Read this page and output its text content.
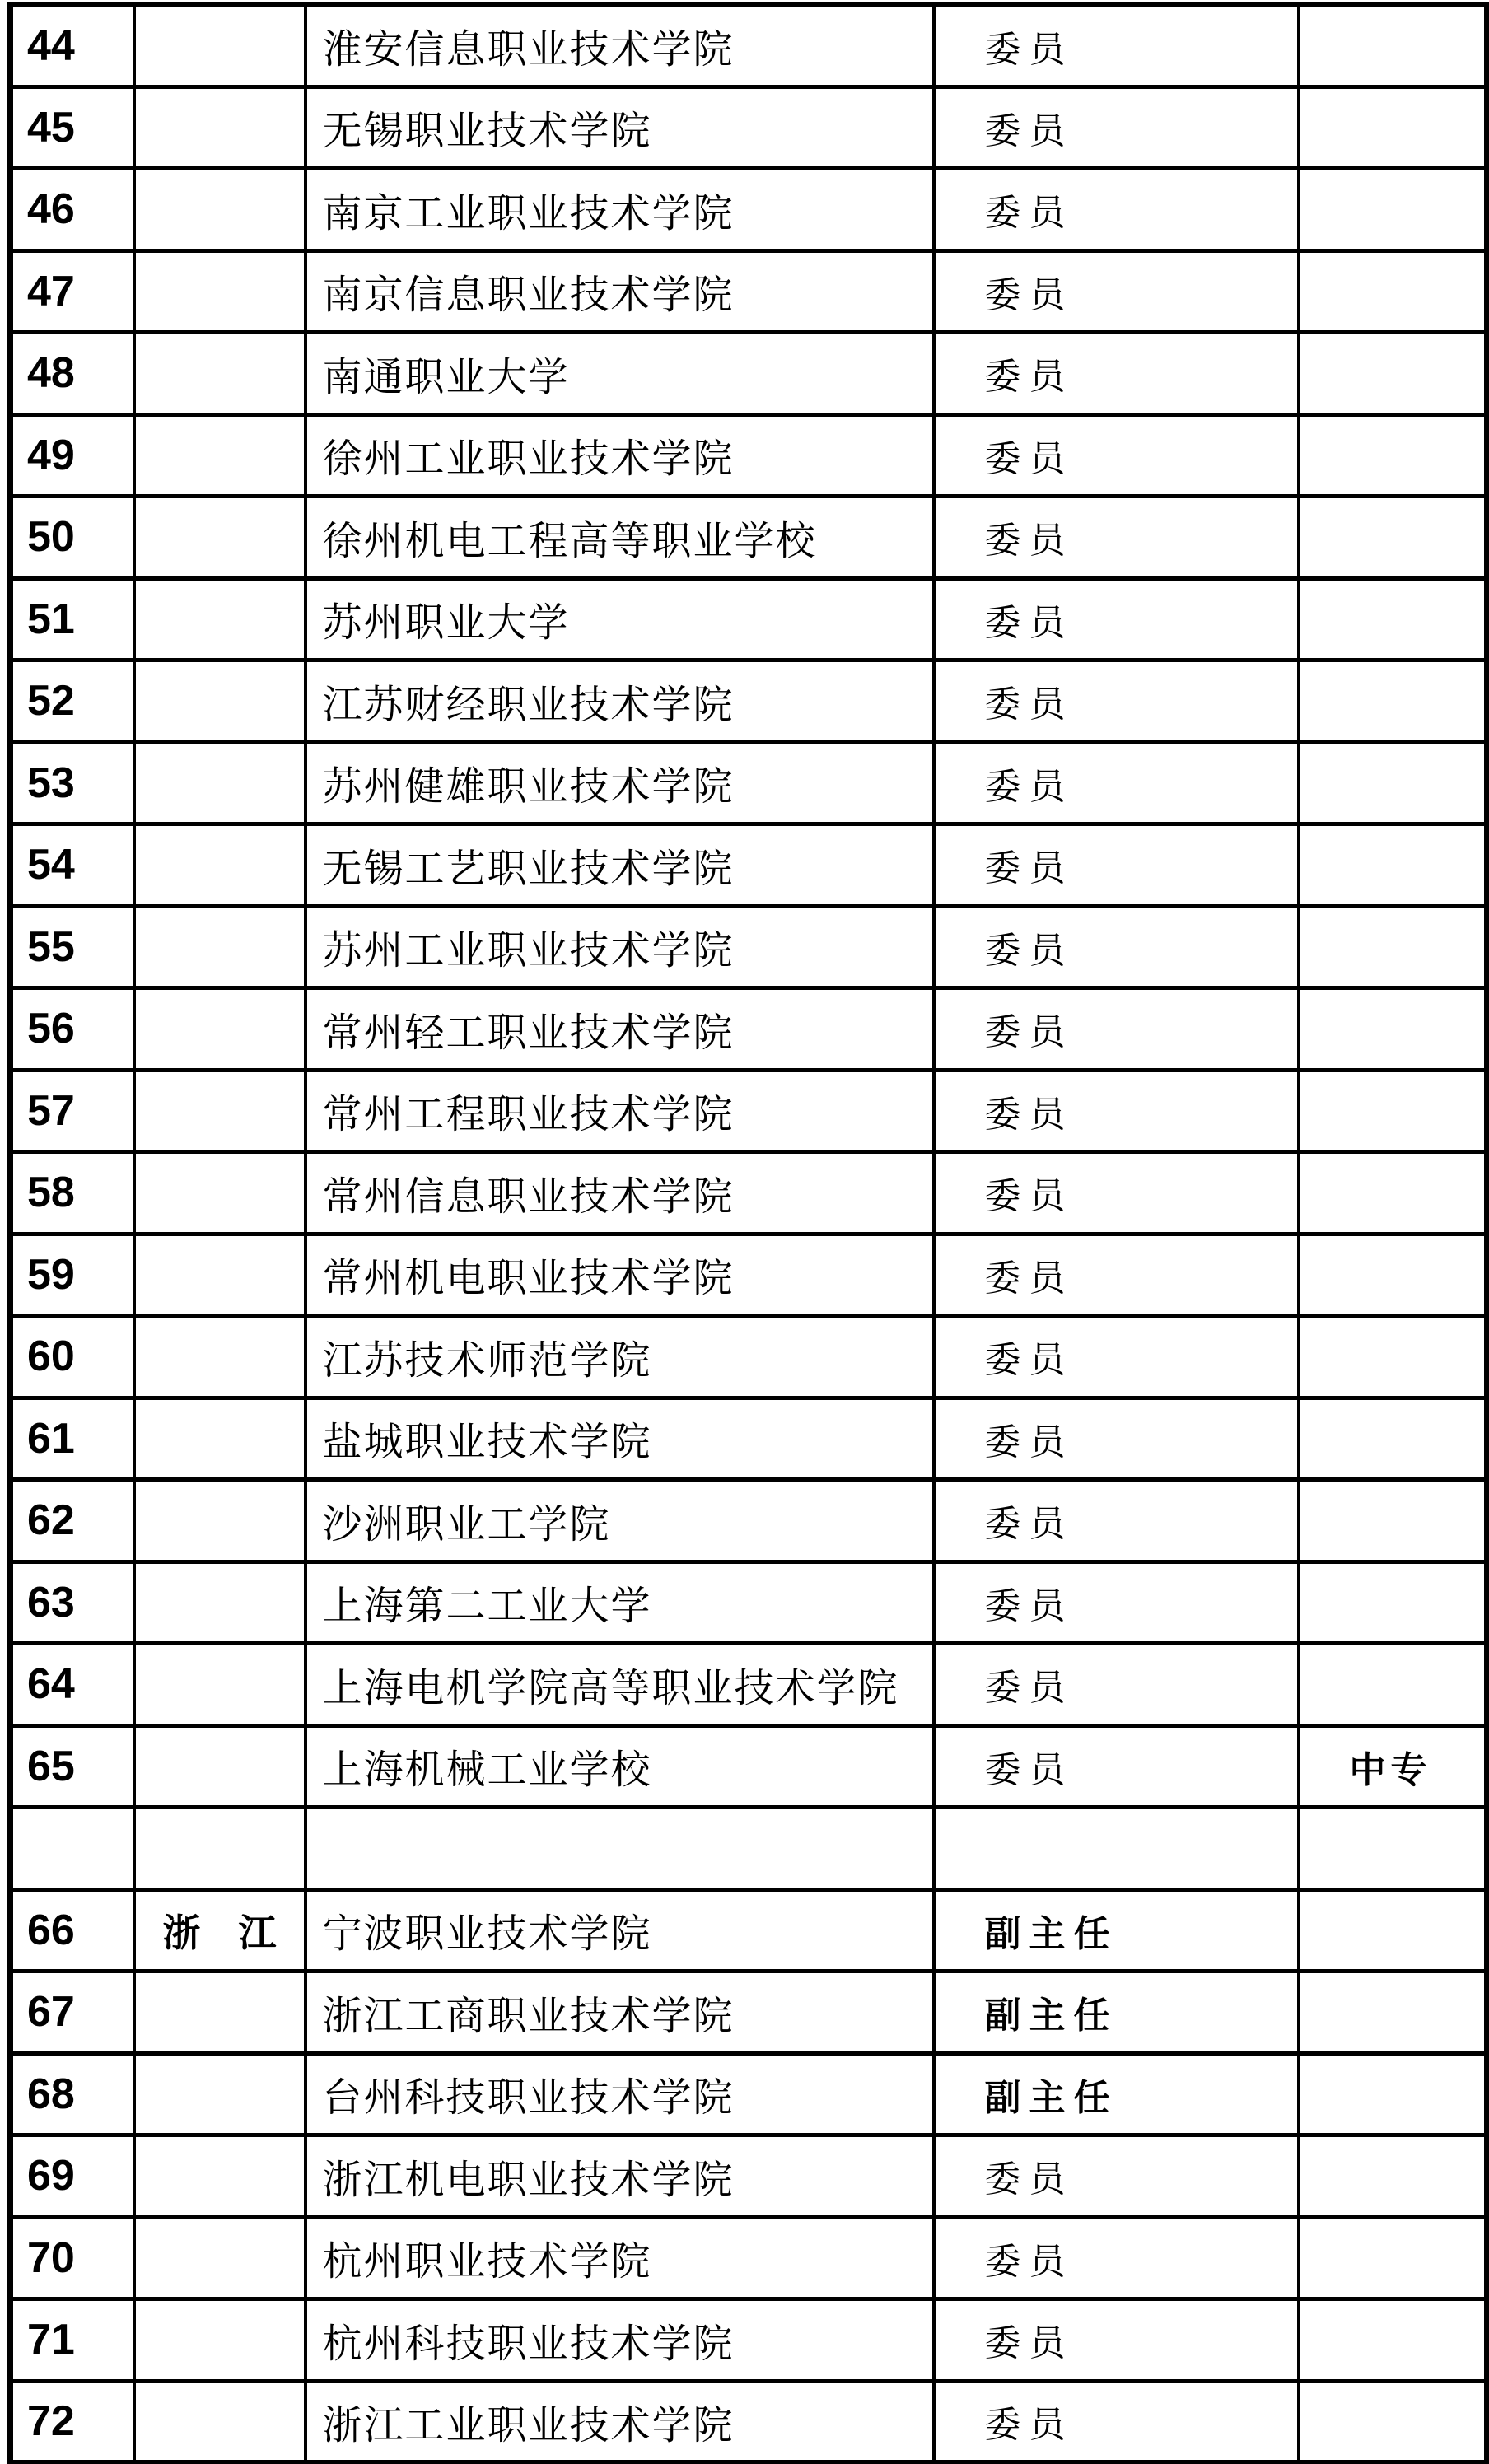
44		淮安信息职业技术学院	委员	
45		无锡职业技术学院	委员	
46		南京工业职业技术学院	委员	
47		南京信息职业技术学院	委员	
48		南通职业大学	委员	
49		徐州工业职业技术学院	委员	
50		徐州机电工程高等职业学校	委员	
51		苏州职业大学	委员	
52		江苏财经职业技术学院	委员	
53		苏州健雄职业技术学院	委员	
54		无锡工艺职业技术学院	委员	
55		苏州工业职业技术学院	委员	
56		常州轻工职业技术学院	委员	
57		常州工程职业技术学院	委员	
58		常州信息职业技术学院	委员	
59		常州机电职业技术学院	委员	
60		江苏技术师范学院	委员	
61		盐城职业技术学院	委员	
62		沙洲职业工学院	委员	
63		上海第二工业大学	委员	
64		上海电机学院高等职业技术学院	委员	
65		上海机械工业学校	委员	中专

66	浙　江	宁波职业技术学院	副主任	
67		浙江工商职业技术学院	副主任	
68		台州科技职业技术学院	副主任	
69		浙江机电职业技术学院	委员	
70		杭州职业技术学院	委员	
71		杭州科技职业技术学院	委员	
72		浙江工业职业技术学院	委员	
